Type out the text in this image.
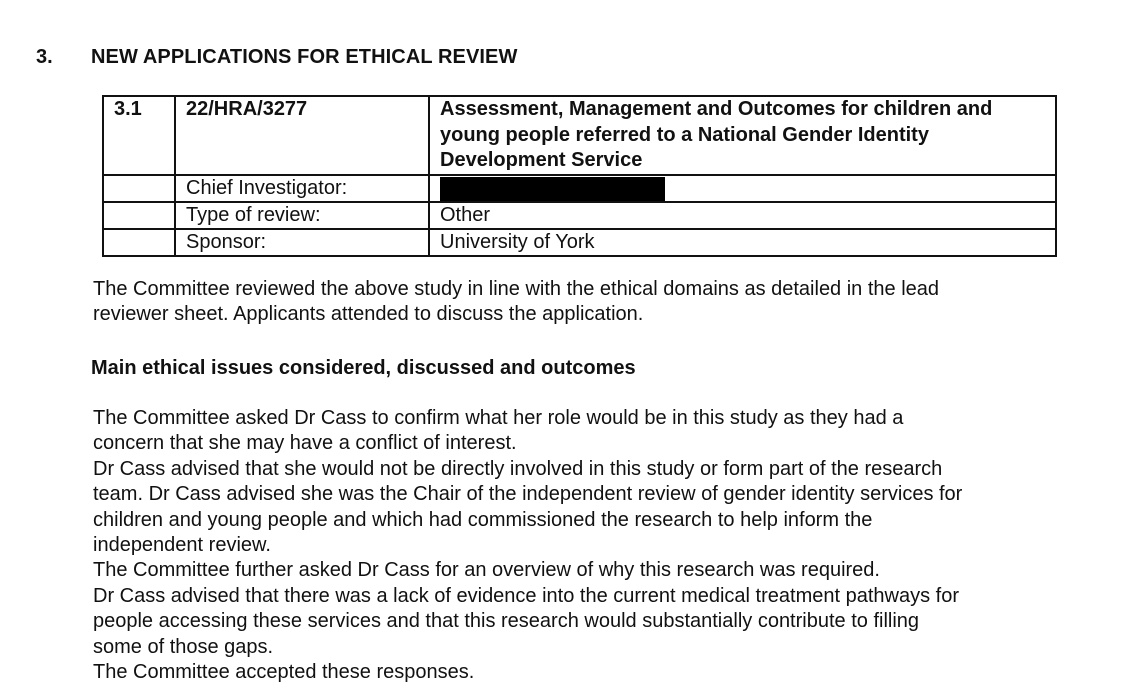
3. NEW APPLICATIONS FOR ETHICAL REVIEW
3.1	22/HRA/3277	Assessment, Management and Outcomes for children and young people referred to a National Gender Identity Development Service
	Chief Investigator:	
	Type of review:	Other
	Sponsor:	University of York

The Committee reviewed the above study in line with the ethical domains as detailed in the lead

reviewer sheet. Applicants attended to discuss the application.

Main ethical issues considered, discussed and outcomes

The Committee asked Dr Cass to confirm what her role would be in this study as they had a

concern that she may have a conflict of interest.

Dr Cass advised that she would not be directly involved in this study or form part of the research

team. Dr Cass advised she was the Chair of the independent review of gender identity services for

children and young people and which had commissioned the research to help inform the

independent review.

The Committee further asked Dr Cass for an overview of why this research was required.

Dr Cass advised that there was a lack of evidence into the current medical treatment pathways for

people accessing these services and that this research would substantially contribute to filling

some of those gaps.

The Committee accepted these responses.
